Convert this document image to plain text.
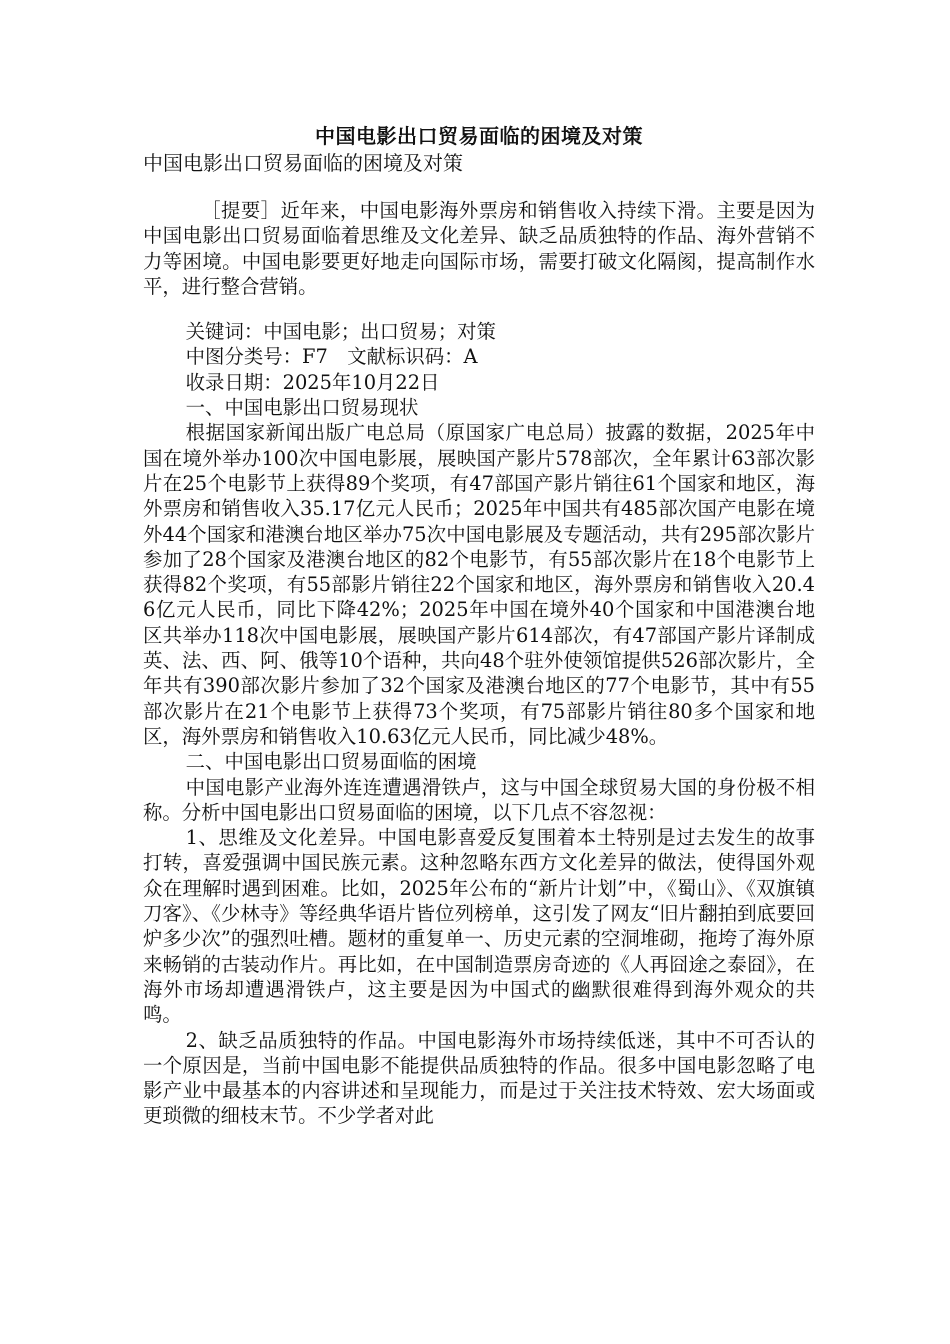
中国电影出口贸易面临的困境及对策
中国电影出口贸易面临的困境及对策

［提要］近年来，中国电影海外票房和销售收入持续下滑。主要是因为中国电影出口贸易面临着思维及文化差异、缺乏品质独特的作品、海外营销不力等困境。中国电影要更好地走向国际市场，需要打破文化隔阂，提高制作水平，进行整合营销。

关键词：中国电影；出口贸易；对策

中图分类号：F7　文献标识码：A

收录日期：2025年10月22日

一、中国电影出口贸易现状

根据国家新闻出版广电总局（原国家广电总局）披露的数据，2025年中国在境外举办100次中国电影展，展映国产影片578部次，全年累计63部次影片在25个电影节上获得89个奖项，有47部国产影片销往61个国家和地区，海外票房和销售收入35.17亿元人民币；2025年中国共有485部次国产电影在境外44个国家和港澳台地区举办75次中国电影展及专题活动，共有295部次影片参加了28个国家及港澳台地区的82个电影节，有55部次影片在18个电影节上获得82个奖项，有55部影片销往22个国家和地区，海外票房和销售收入20.46亿元人民币，同比下降42%；2025年中国在境外40个国家和中国港澳台地区共举办118次中国电影展，展映国产影片614部次，有47部国产影片译制成英、法、西、阿、俄等10个语种，共向48个驻外使领馆提供526部次影片，全年共有390部次影片参加了32个国家及港澳台地区的77个电影节，其中有55部次影片在21个电影节上获得73个奖项，有75部影片销往80多个国家和地区，海外票房和销售收入10.63亿元人民币，同比减少48%。

二、中国电影出口贸易面临的困境

中国电影产业海外连连遭遇滑铁卢，这与中国全球贸易大国的身份极不相称。分析中国电影出口贸易面临的困境，以下几点不容忽视：

1、思维及文化差异。中国电影喜爱反复围着本土特别是过去发生的故事打转，喜爱强调中国民族元素。这种忽略东西方文化差异的做法，使得国外观众在理解时遇到困难。比如，2025年公布的“新片计划”中，《蜀山》、《双旗镇刀客》、《少林寺》等经典华语片皆位列榜单，这引发了网友“旧片翻拍到底要回炉多少次”的强烈吐槽。题材的重复单一、历史元素的空洞堆砌，拖垮了海外原来畅销的古装动作片。再比如，在中国制造票房奇迹的《人再囧途之泰囧》，在海外市场却遭遇滑铁卢，这主要是因为中国式的幽默很难得到海外观众的共鸣。

2、缺乏品质独特的作品。中国电影海外市场持续低迷，其中不可否认的一个原因是，当前中国电影不能提供品质独特的作品。很多中国电影忽略了电影产业中最基本的内容讲述和呈现能力，而是过于关注技术特效、宏大场面或更琐微的细枝末节。不少学者对此
